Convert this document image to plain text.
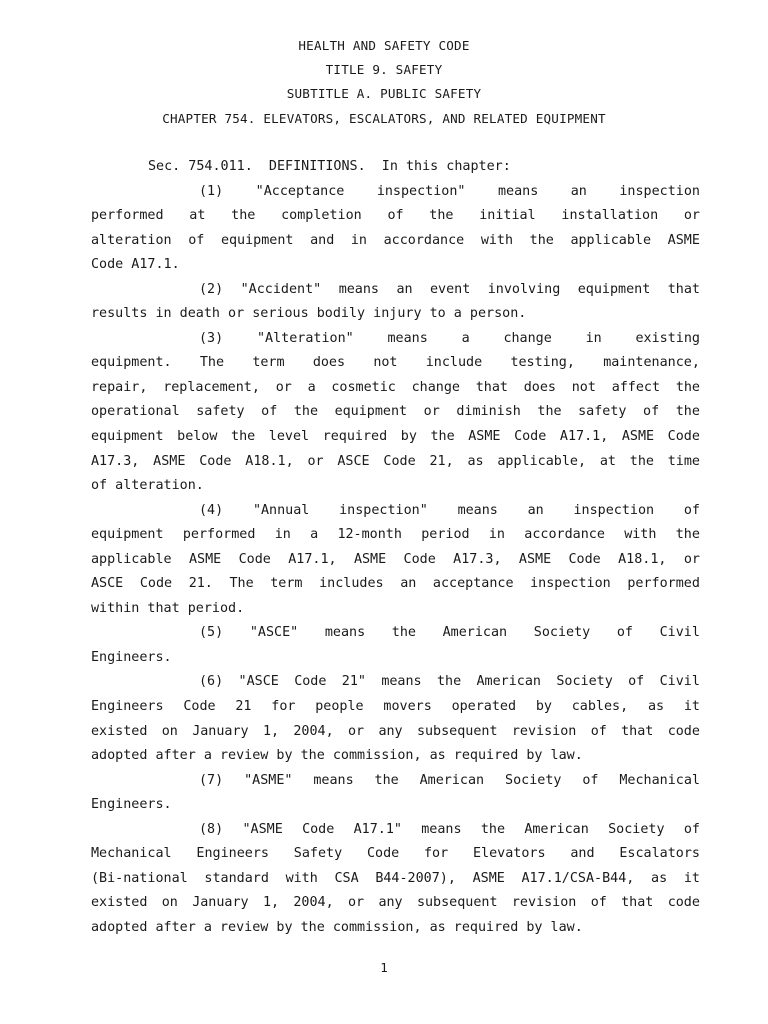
HEALTH AND SAFETY CODE
TITLE 9. SAFETY
SUBTITLE A. PUBLIC SAFETY
CHAPTER 754. ELEVATORS, ESCALATORS, AND RELATED EQUIPMENT
Sec. 754.011.  DEFINITIONS.  In this chapter:
(1) "Acceptance inspection" means an inspection
performed at the completion of the initial installation or
alteration of equipment and in accordance with the applicable ASME
Code A17.1.
(2) "Accident" means an event involving equipment that
results in death or serious bodily injury to a person.
(3)	"Alteration"	means	a	change	in	existing
equipment. The term does not include testing, maintenance,
repair, replacement, or a cosmetic change that does not affect the
operational safety of the equipment or diminish the safety of the
equipment below the level required by the ASME Code A17.1, ASME Code
A17.3, ASME Code A18.1, or ASCE Code 21, as applicable, at the time
of alteration.
(4) "Annual inspection" means an inspection of
equipment performed in a 12-month period in accordance with the
applicable ASME Code A17.1, ASME Code A17.3, ASME Code A18.1, or
ASCE Code 21. The term includes an acceptance inspection performed
within that period.
(5) "ASCE" means the American Society of Civil
Engineers.
(6) "ASCE Code 21" means the American Society of Civil
Engineers Code 21 for people movers operated by cables, as it
existed on January 1, 2004, or any subsequent revision of that code
adopted after a review by the commission, as required by law.
(7) "ASME" means the American Society of Mechanical
Engineers.
(8) "ASME Code A17.1" means the American Society of
Mechanical Engineers Safety Code for Elevators and Escalators
(Bi-national standard with CSA B44-2007), ASME A17.1/CSA-B44, as it
existed on January 1, 2004, or any subsequent revision of that code
adopted after a review by the commission, as required by law.
1
